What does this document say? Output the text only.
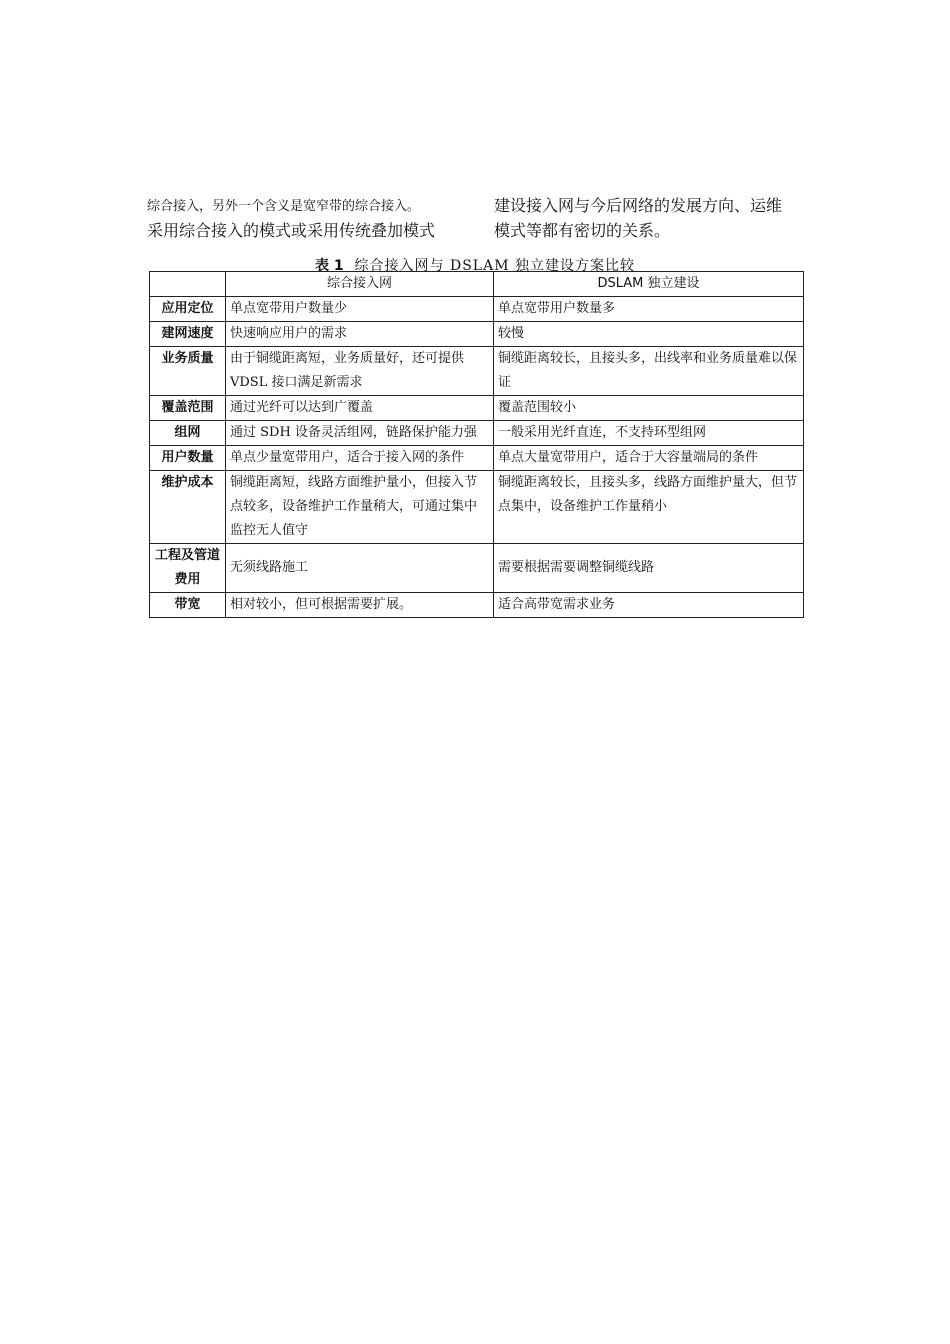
综合接入，另外一个含义是宽窄带的综合接入。
采用综合接入的模式或采用传统叠加模式
建设接入网与今后网络的发展方向、运维
模式等都有密切的关系。
表 1 综合接入网与 DSLAM 独立建设方案比较
	综合接入网	DSLAM 独立建设
应用定位	单点宽带用户数量少	单点宽带用户数量多
建网速度	快速响应用户的需求	较慢
业务质量	由于铜缆距离短，业务质量好，还可提供 VDSL 接口满足新需求	铜缆距离较长，且接头多，出线率和业务质量难以保证
覆盖范围	通过光纤可以达到广覆盖	覆盖范围较小
组网	通过 SDH 设备灵活组网，链路保护能力强	一般采用光纤直连，不支持环型组网
用户数量	单点少量宽带用户，适合于接入网的条件	单点大量宽带用户，适合于大容量端局的条件
维护成本	铜缆距离短，线路方面维护量小，但接入节点较多，设备维护工作量稍大，可通过集中监控无人值守	铜缆距离较长，且接头多，线路方面维护量大，但节点集中，设备维护工作量稍小
工程及管道费用	无须线路施工	需要根据需要调整铜缆线路
带宽	相对较小，但可根据需要扩展。	适合高带宽需求业务
